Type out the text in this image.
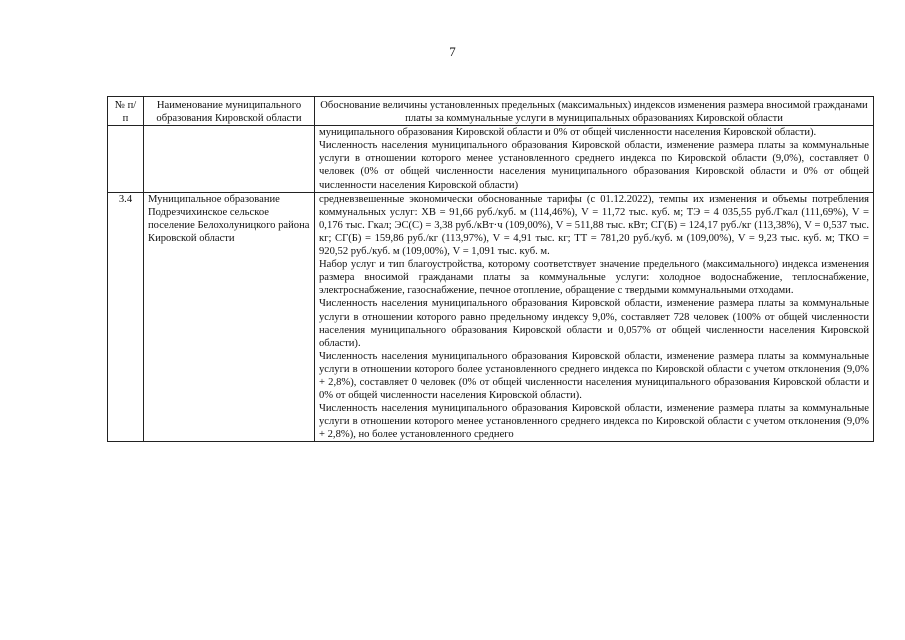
7
№ п/п	Наименование муниципального образования Кировской области	Обоснование величины установленных предельных (максимальных) индексов изменения размера вносимой гражданами платы за коммунальные услуги в муниципальных образованиях Кировской области

		муниципального образования Кировской области и 0% от общей численности населения Кировской области).

Численность населения муниципального образования Кировской области, изменение размера платы за коммунальные услуги в отношении которого менее установленного среднего индекса по Кировской области (9,0%), составляет 0 человек (0% от общей численности населения муниципального образования Кировской области и 0% от общей численности населения Кировской области)

3.4	Муниципальное образование Подрезчихинское сельское поселение Белохолуницкого района Кировской области	средневзвешенные экономически обоснованные тарифы (с 01.12.2022), темпы их изменения и объемы потребления коммунальных услуг: ХВ = 91,66 руб./куб. м (114,46%), V = 11,72 тыс. куб. м; ТЭ = 4 035,55 руб./Гкал (111,69%), V = 0,176 тыс. Гкал; ЭС(С) = 3,38 руб./кВт·ч (109,00%), V = 511,88 тыс. кВт; СГ(Б) = 124,17 руб./кг (113,38%), V = 0,537 тыс. кг; СГ(Б) = 159,86 руб./кг (113,97%), V = 4,91 тыс. кг; ТТ = 781,20 руб./куб. м (109,00%), V = 9,23 тыс. куб. м; ТКО = 920,52 руб./куб. м (109,00%), V = 1,091 тыс. куб. м.

Набор услуг и тип благоустройства, которому соответствует значение предельного (максимального) индекса изменения размера вносимой гражданами платы за коммунальные услуги: холодное водоснабжение, теплоснабжение, электроснабжение, газоснабжение, печное отопление, обращение с твердыми коммунальными отходами.

Численность населения муниципального образования Кировской области, изменение размера платы за коммунальные услуги в отношении которого равно предельному индексу 9,0%, составляет 728 человек (100% от общей численности населения муниципального образования Кировской области и 0,057% от общей численности населения Кировской области).

Численность населения муниципального образования Кировской области, изменение размера платы за коммунальные услуги в отношении которого более установленного среднего индекса по Кировской области с учетом отклонения (9,0% + 2,8%), составляет 0 человек (0% от общей численности населения муниципального образования Кировской области и 0% от общей численности населения Кировской области).

Численность населения муниципального образования Кировской области, изменение размера платы за коммунальные услуги в отношении которого менее установленного среднего индекса по Кировской области с учетом отклонения (9,0% + 2,8%), но более установленного среднего
